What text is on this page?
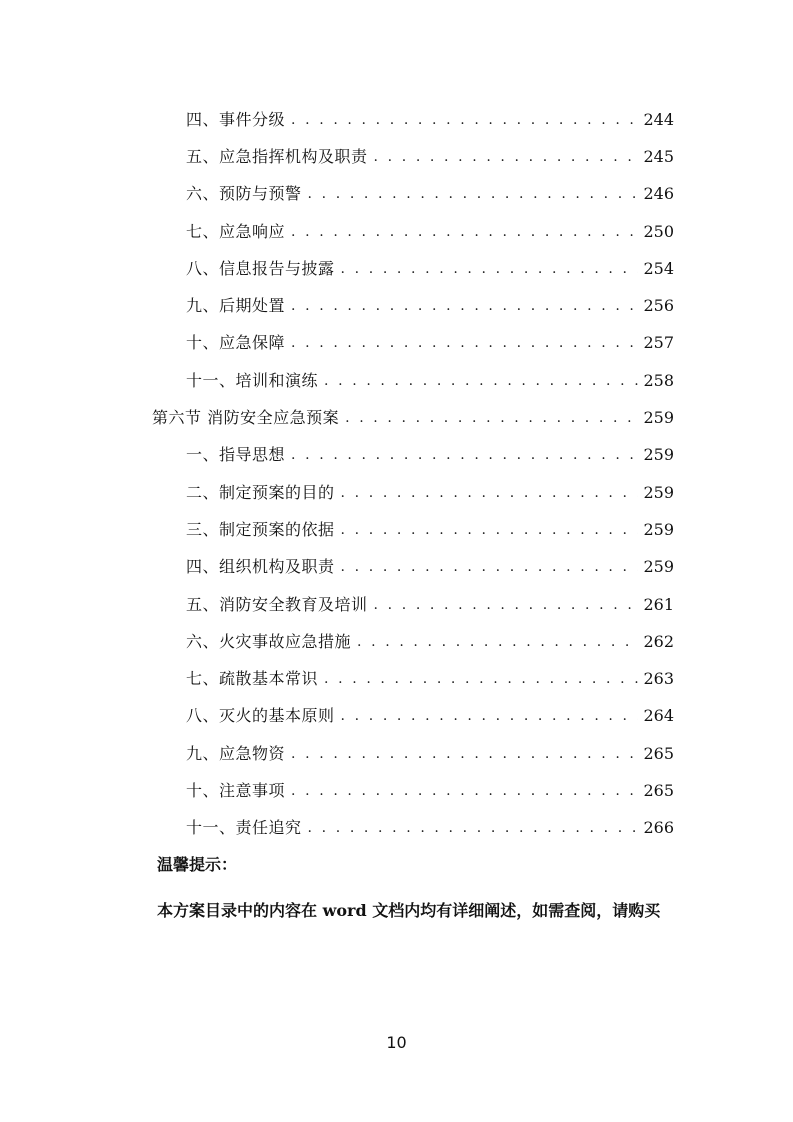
四、事件分级 . . .	244
五、应急指挥机构及职责 . . .	245
六、预防与预警 . . .	246
七、应急响应 . . .	250
八、信息报告与披露 . . .	254
九、后期处置 . . .	256
十、应急保障 . . .	257
十一、培训和演练 . . .	258
第六节 消防安全应急预案 . . .	259
一、指导思想 . . .	259
二、制定预案的目的 . . .	259
三、制定预案的依据 . . .	259
四、组织机构及职责 . . .	259
五、消防安全教育及培训 . . .	261
六、火灾事故应急措施 . . .	262
七、疏散基本常识 . . .	263
八、灭火的基本原则 . . .	264
九、应急物资 . . .	265
十、注意事项 . . .	265
十一、责任追究 . . .	266
温馨提示：
本方案目录中的内容在 word 文档内均有详细阐述，如需查阅，请购买
10
